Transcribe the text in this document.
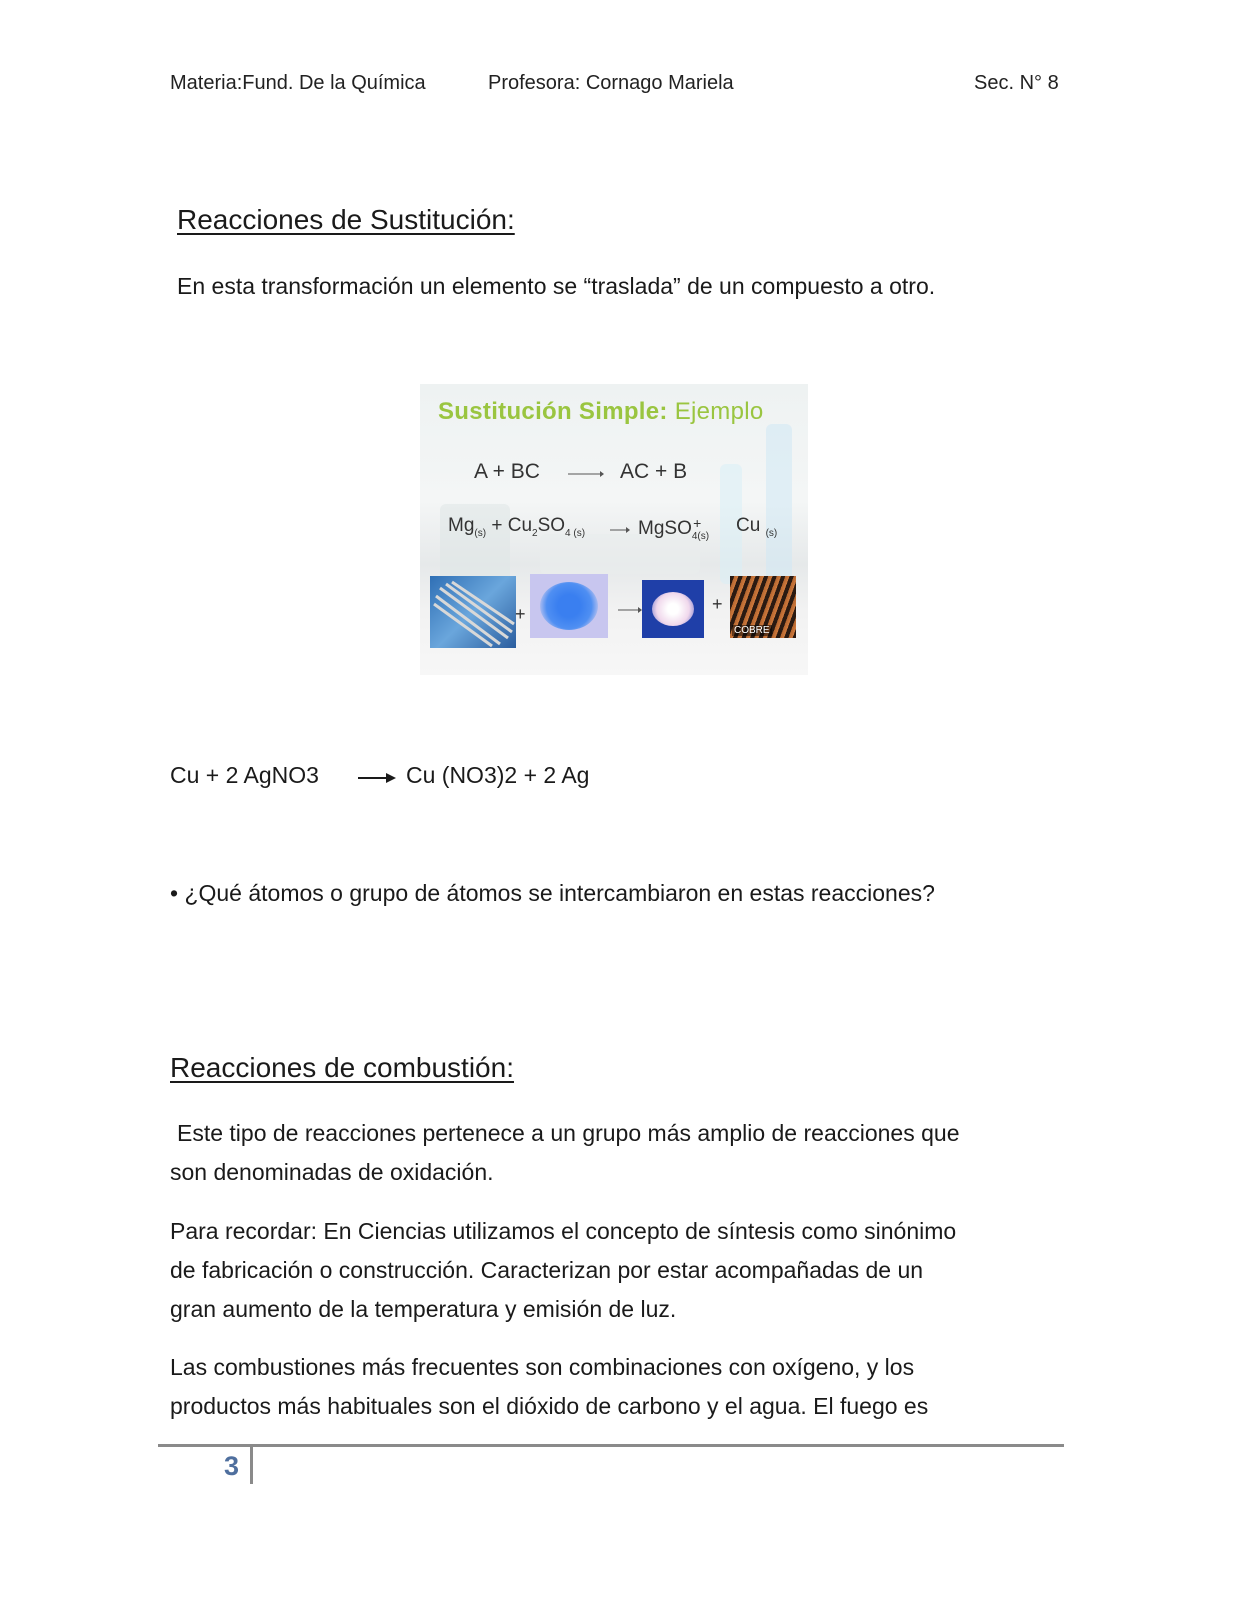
Materia:Fund. De la Química	Profesora: Cornago Mariela	Sec. N° 8
Reacciones de Sustitución:
En esta transformación un elemento se “traslada” de un compuesto a otro.
Sustitución Simple: Ejemplo
A + BC	AC + B
$Mg_{(s)} + Cu_2SO_{4 (s)}$	MgSO$_{4(s)}$+ Cu $_{(s)}$
+	+
COBRE
Cu + 2 AgNO3 → Cu (NO3)2 + 2 Ag
• ¿Qué átomos o grupo de átomos se intercambiaron en estas reacciones?
Reacciones de combustión:
Este tipo de reacciones pertenece a un grupo más amplio de reacciones que
son denominadas de oxidación.
Para recordar: En Ciencias utilizamos el concepto de síntesis como sinónimo
de fabricación o construcción. Caracterizan por estar acompañadas de un
gran aumento de la temperatura y emisión de luz.
Las combustiones más frecuentes son combinaciones con oxígeno, y los
productos más habituales son el dióxido de carbono y el agua. El fuego es
3
